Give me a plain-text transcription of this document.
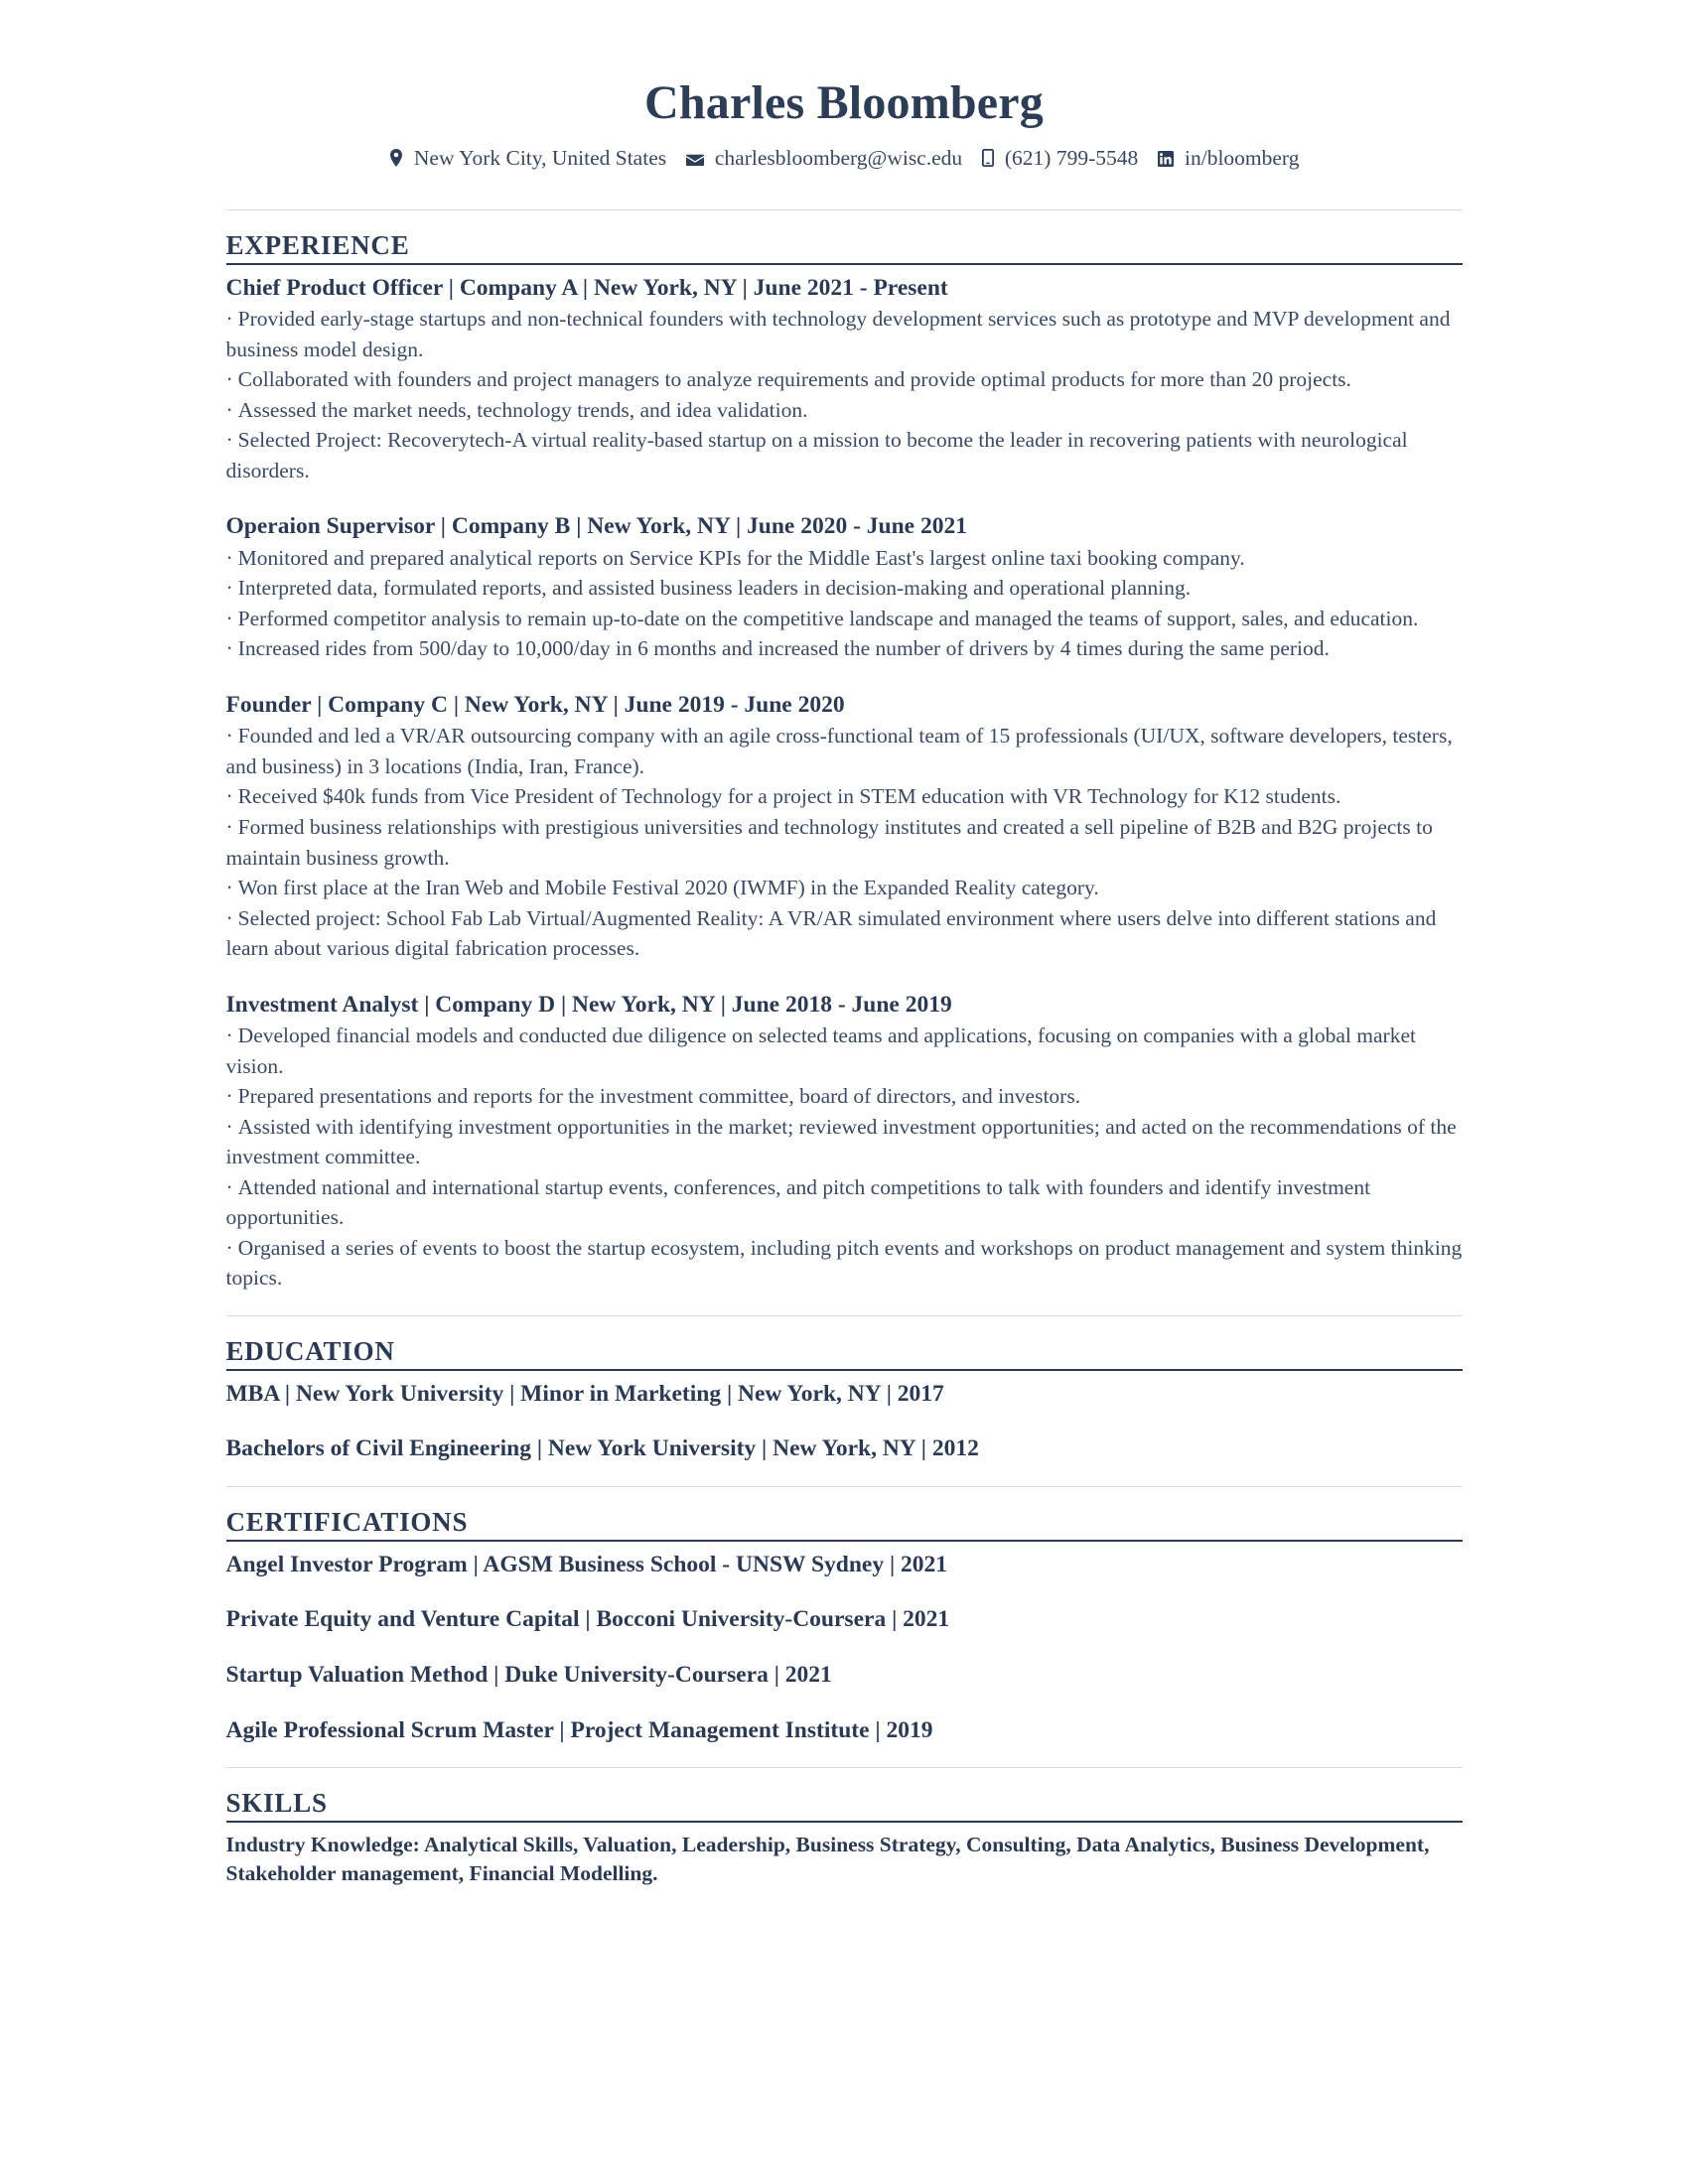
Charles Bloomberg
New York City, United States charlesbloomberg@wisc.edu (621) 799-5548 in/bloomberg
EXPERIENCE
Chief Product Officer | Company A | New York, NY | June 2021 - Present

· Provided early-stage startups and non-technical founders with technology development services such as prototype and MVP development and business model design.

· Collaborated with founders and project managers to analyze requirements and provide optimal products for more than 20 projects.

· Assessed the market needs, technology trends, and idea validation.

· Selected Project: Recoverytech-A virtual reality-based startup on a mission to become the leader in recovering patients with neurological disorders.

Operaion Supervisor | Company B | New York, NY | June 2020 - June 2021

· Monitored and prepared analytical reports on Service KPIs for the Middle East's largest online taxi booking company.

· Interpreted data, formulated reports, and assisted business leaders in decision-making and operational planning.

· Performed competitor analysis to remain up-to-date on the competitive landscape and managed the teams of support, sales, and education.

· Increased rides from 500/day to 10,000/day in 6 months and increased the number of drivers by 4 times during the same period.

Founder | Company C | New York, NY | June 2019 - June 2020

· Founded and led a VR/AR outsourcing company with an agile cross-functional team of 15 professionals (UI/UX, software developers, testers, and business) in 3 locations (India, Iran, France).

· Received $40k funds from Vice President of Technology for a project in STEM education with VR Technology for K12 students.

· Formed business relationships with prestigious universities and technology institutes and created a sell pipeline of B2B and B2G projects to maintain business growth.

· Won first place at the Iran Web and Mobile Festival 2020 (IWMF) in the Expanded Reality category.

· Selected project: School Fab Lab Virtual/Augmented Reality: A VR/AR simulated environment where users delve into different stations and learn about various digital fabrication processes.

Investment Analyst | Company D | New York, NY | June 2018 - June 2019

· Developed financial models and conducted due diligence on selected teams and applications, focusing on companies with a global market vision.

· Prepared presentations and reports for the investment committee, board of directors, and investors.

· Assisted with identifying investment opportunities in the market; reviewed investment opportunities; and acted on the recommendations of the investment committee.

· Attended national and international startup events, conferences, and pitch competitions to talk with founders and identify investment opportunities.

· Organised a series of events to boost the startup ecosystem, including pitch events and workshops on product management and system thinking topics.

EDUCATION
MBA | New York University | Minor in Marketing | New York, NY | 2017
Bachelors of Civil Engineering | New York University | New York, NY | 2012
CERTIFICATIONS
Angel Investor Program | AGSM Business School - UNSW Sydney | 2021
Private Equity and Venture Capital | Bocconi University-Coursera | 2021
Startup Valuation Method | Duke University-Coursera | 2021
Agile Professional Scrum Master | Project Management Institute | 2019
SKILLS

Industry Knowledge: Analytical Skills, Valuation, Leadership, Business Strategy, Consulting, Data Analytics, Business Development, Stakeholder management, Financial Modelling.
